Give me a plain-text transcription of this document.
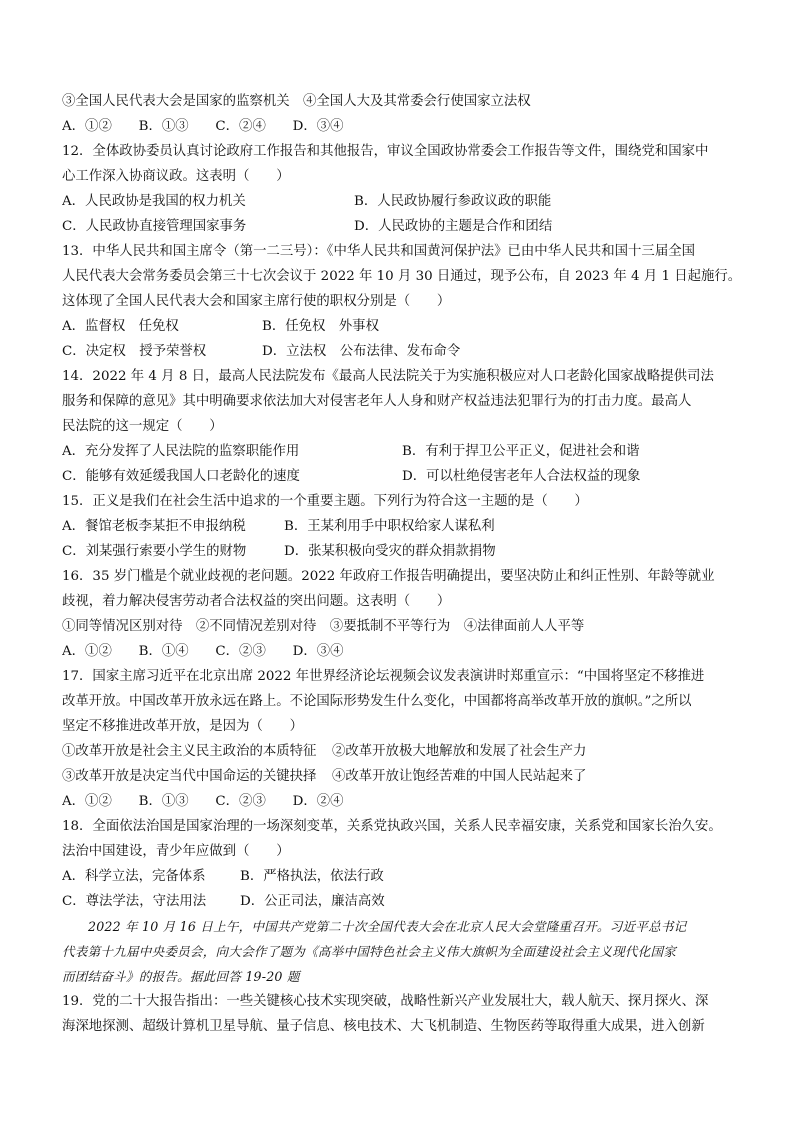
③全国人民代表大会是国家的监察机关　④全国人大及其常委会行使国家立法权
A．①②　　B．①③　　C．②④　　D．③④
12．全体政协委员认真讨论政府工作报告和其他报告，审议全国政协常委会工作报告等文件，围绕党和国家中
心工作深入协商议政。这表明（　　）
A．人民政协是我国的权力机关	B．人民政协履行参政议政的职能
C．人民政协直接管理国家事务	D．人民政协的主题是合作和团结
13．中华人民共和国主席令（第一二三号）：《中华人民共和国黄河保护法》已由中华人民共和国十三届全国
人民代表大会常务委员会第三十七次会议于 2022 年 10 月 30 日通过，现予公布，自 2023 年 4 月 1 日起施行。
这体现了全国人民代表大会和国家主席行使的职权分别是（　　）
A．监督权　任免权	B．任免权　外事权
C．决定权　授予荣誉权	D．立法权　公布法律、发布命令
14．2022 年 4 月 8 日，最高人民法院发布《最高人民法院关于为实施积极应对人口老龄化国家战略提供司法
服务和保障的意见》其中明确要求依法加大对侵害老年人人身和财产权益违法犯罪行为的打击力度。最高人
民法院的这一规定（　　）
A．充分发挥了人民法院的监察职能作用	B．有利于捍卫公平正义，促进社会和谐
C．能够有效延缓我国人口老龄化的速度	D．可以杜绝侵害老年人合法权益的现象
15．正义是我们在社会生活中追求的一个重要主题。下列行为符合这一主题的是（　　）
A．餐馆老板李某拒不申报纳税	B．王某利用手中职权给家人谋私利
C．刘某强行索要小学生的财物	D．张某积极向受灾的群众捐款捐物
16．35 岁门槛是个就业歧视的老问题。2022 年政府工作报告明确提出，要坚决防止和纠正性别、年龄等就业
歧视，着力解决侵害劳动者合法权益的突出问题。这表明（　　）
①同等情况区别对待　②不同情况差别对待　③要抵制不平等行为　④法律面前人人平等
A．①②　　B．①④　　C．②③　　D．③④
17．国家主席习近平在北京出席 2022 年世界经济论坛视频会议发表演讲时郑重宣示：“中国将坚定不移推进
改革开放。中国改革开放永远在路上。不论国际形势发生什么变化，中国都将高举改革开放的旗帜。”之所以
坚定不移推进改革开放，是因为（　　）
①改革开放是社会主义民主政治的本质特征 ②改革开放极大地解放和发展了社会生产力
③改革开放是决定当代中国命运的关键抉择 ④改革开放让饱经苦难的中国人民站起来了
A．①②　　B．①③　　C．②③　　D．②④
18．全面依法治国是国家治理的一场深刻变革，关系党执政兴国，关系人民幸福安康，关系党和国家长治久安。
法治中国建设，青少年应做到（　　）
A．科学立法，完备体系	B．严格执法，依法行政
C．尊法学法，守法用法	D．公正司法，廉洁高效
2022 年 10 月 16 日上午，中国共产党第二十次全国代表大会在北京人民大会堂隆重召开。习近平总书记
代表第十九届中央委员会，向大会作了题为《高举中国特色社会主义伟大旗帜为全面建设社会主义现代化国家
而团结奋斗》的报告。据此回答 19-20 题
19．党的二十大报告指出：一些关键核心技术实现突破，战略性新兴产业发展壮大，载人航天、探月探火、深
海深地探测、超级计算机卫星导航、量子信息、核电技术、大飞机制造、生物医药等取得重大成果，进入创新
